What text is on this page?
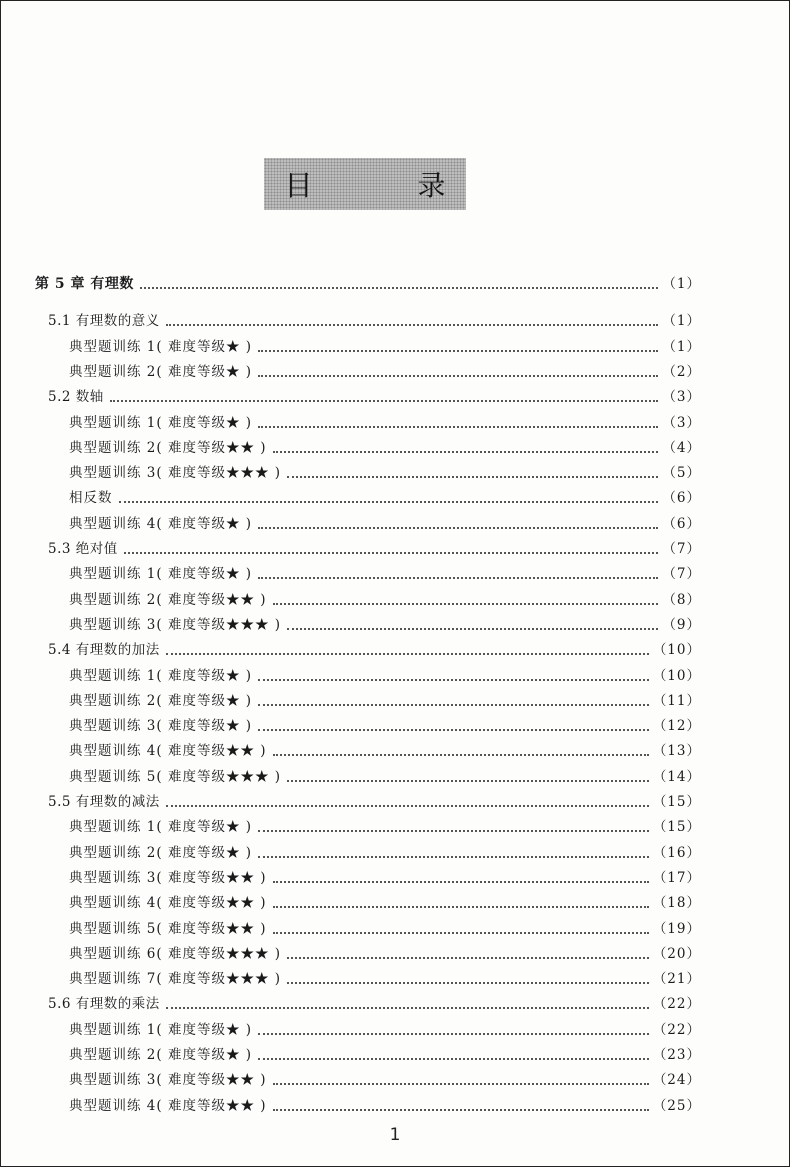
目 录
第 5 章 有理数	（1）
5.1 有理数的意义	（1）
典型题训练 1( 难度等级★ )	（1）
典型题训练 2( 难度等级★ )	（2）
5.2 数轴	（3）
典型题训练 1( 难度等级★ )	（3）
典型题训练 2( 难度等级★★ )	（4）
典型题训练 3( 难度等级★★★ )	（5）
相反数	（6）
典型题训练 4( 难度等级★ )	（6）
5.3 绝对值	（7）
典型题训练 1( 难度等级★ )	（7）
典型题训练 2( 难度等级★★ )	（8）
典型题训练 3( 难度等级★★★ )	（9）
5.4 有理数的加法	（10）
典型题训练 1( 难度等级★ )	（10）
典型题训练 2( 难度等级★ )	（11）
典型题训练 3( 难度等级★ )	（12）
典型题训练 4( 难度等级★★ )	（13）
典型题训练 5( 难度等级★★★ )	（14）
5.5 有理数的减法	（15）
典型题训练 1( 难度等级★ )	（15）
典型题训练 2( 难度等级★ )	（16）
典型题训练 3( 难度等级★★ )	（17）
典型题训练 4( 难度等级★★ )	（18）
典型题训练 5( 难度等级★★ )	（19）
典型题训练 6( 难度等级★★★ )	（20）
典型题训练 7( 难度等级★★★ )	（21）
5.6 有理数的乘法	（22）
典型题训练 1( 难度等级★ )	（22）
典型题训练 2( 难度等级★ )	（23）
典型题训练 3( 难度等级★★ )	（24）
典型题训练 4( 难度等级★★ )	（25）
1
